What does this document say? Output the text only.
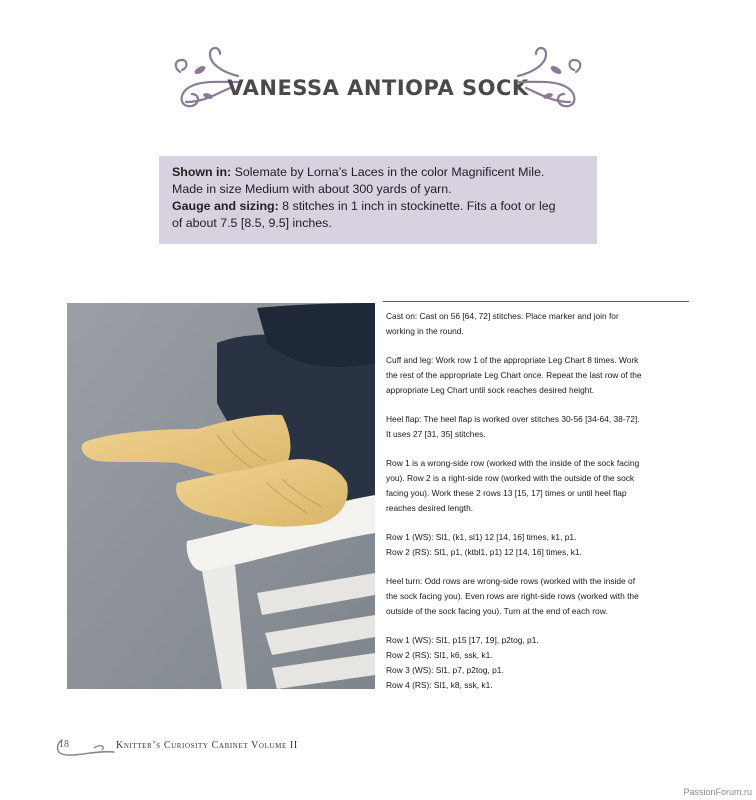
VANESSA ANTIOPA SOCK
Shown in: Solemate by Lorna’s Laces in the color Magnificent Mile.
Made in size Medium with about 300 yards of yarn.
Gauge and sizing: 8 stitches in 1 inch in stockinette. Fits a foot or leg
of about 7.5 [8.5, 9.5] inches.

Cast on: Cast on 56 [64, 72] stitches. Place marker and join for
working in the round.

Cuff and leg: Work row 1 of the appropriate Leg Chart 8 times. Work
the rest of the appropriate Leg Chart once. Repeat the last row of the
appropriate Leg Chart until sock reaches desired height.

Heel flap: The heel flap is worked over stitches 30-56 [34-64, 38-72].
It uses 27 [31, 35] stitches.

Row 1 is a wrong-side row (worked with the inside of the sock facing
you). Row 2 is a right-side row (worked with the outside of the sock
facing you). Work these 2 rows 13 [15, 17] times or until heel flap
reaches desired length.

Row 1 (WS): Sl1, (k1, sl1) 12 [14, 16] times, k1, p1.
Row 2 (RS): Sl1, p1, (ktbl1, p1) 12 [14, 16] times, k1.

Heel turn: Odd rows are wrong-side rows (worked with the inside of
the sock facing you). Even rows are right-side rows (worked with the
outside of the sock facing you). Turn at the end of each row.

Row 1 (WS): Sl1, p15 [17, 19], p2tog, p1.
Row 2 (RS): Sl1, k6, ssk, k1.
Row 3 (WS): Sl1, p7, p2tog, p1.
Row 4 (RS): Sl1, k8, ssk, k1.

18	Knitter’s Curiosity Cabinet Volume II
PassionForum.ru
